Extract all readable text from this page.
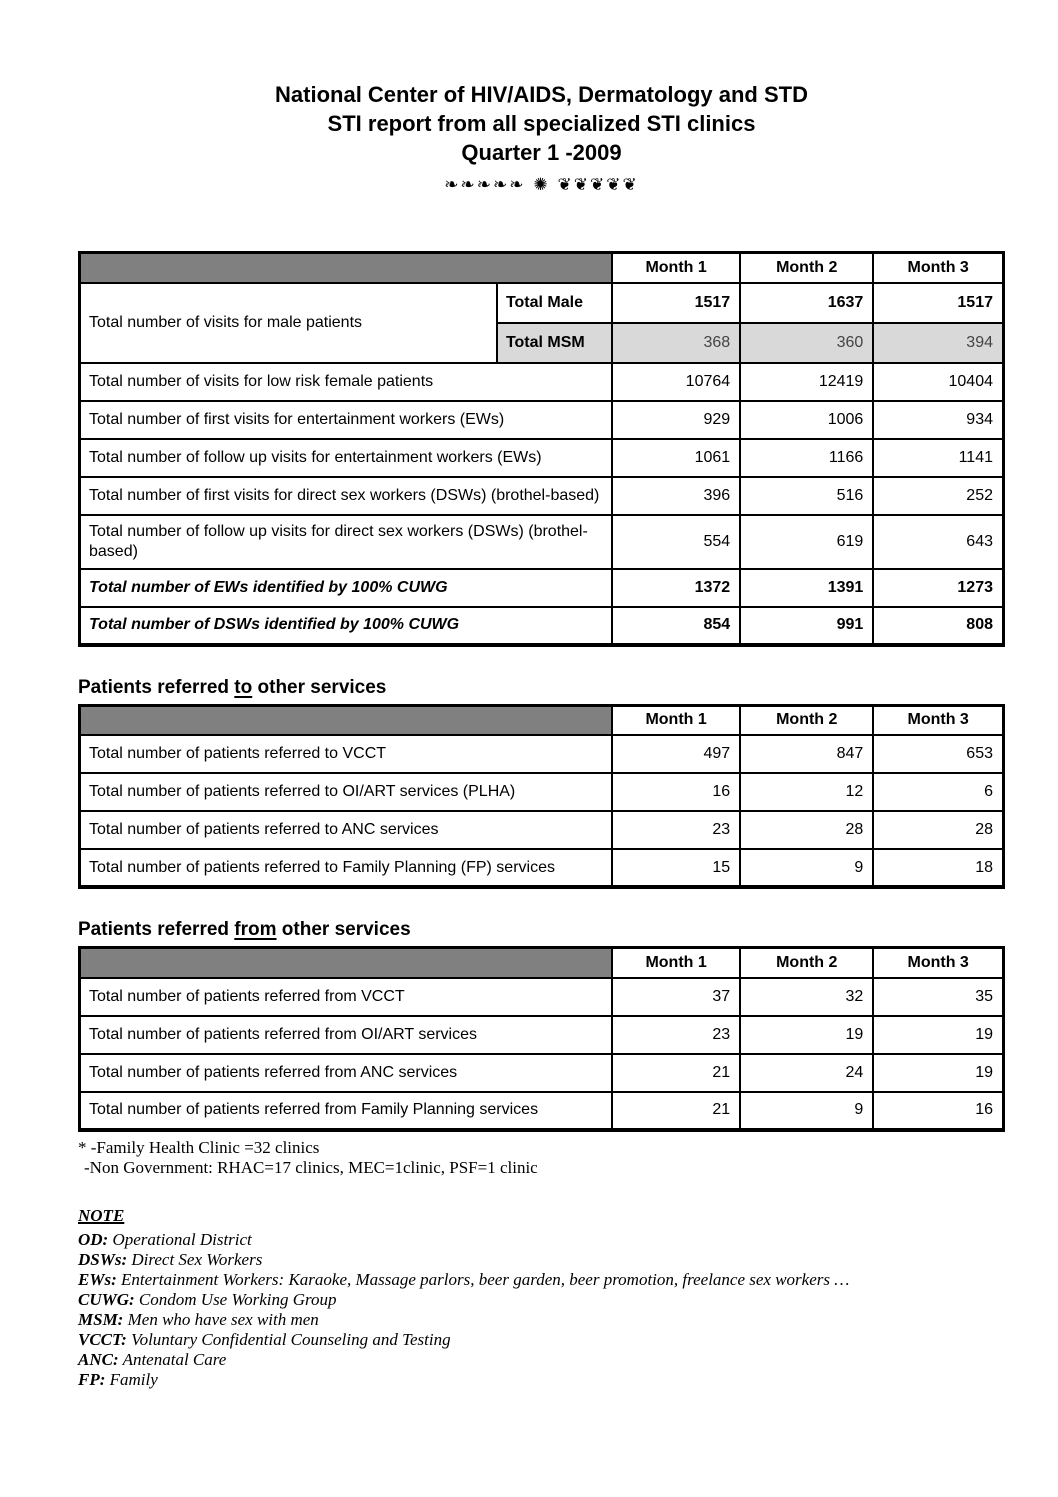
National Center of HIV/AIDS, Dermatology and STD
STI report from all specialized STI clinics
Quarter 1 -2009
❧❧❧❧❧ ✺ ❦❦❦❦❦
		Month 1	Month 2	Month 3
Total number of visits for male patients	Total Male	1517	1637	1517
	Total MSM	368	360	394
Total number of visits for low risk female patients		10764	12419	10404
Total number of first visits for entertainment workers (EWs)		929	1006	934
Total number of follow up visits for entertainment workers (EWs)		1061	1166	1141
Total number of first visits for direct sex workers (DSWs) (brothel-based)		396	516	252
Total number of follow up visits for direct sex workers (DSWs) (brothel-based)		554	619	643
Total number of EWs identified by 100% CUWG		1372	1391	1273
Total number of DSWs identified by 100% CUWG		854	991	808
Patients referred to other services
	Month 1	Month 2	Month 3
Total number of patients referred to VCCT	497	847	653
Total number of patients referred to OI/ART services (PLHA)	16	12	6
Total number of patients referred to ANC services	23	28	28
Total number of patients referred to Family Planning (FP) services	15	9	18
Patients referred from other services
	Month 1	Month 2	Month 3
Total number of patients referred from VCCT	37	32	35
Total number of patients referred from OI/ART services	23	19	19
Total number of patients referred from ANC services	21	24	19
Total number of patients referred from Family Planning services	21	9	16
* -Family Health Clinic =32 clinics
-Non Government: RHAC=17 clinics, MEC=1clinic, PSF=1 clinic
NOTE
OD: Operational District
DSWs: Direct Sex Workers
EWs: Entertainment Workers: Karaoke, Massage parlors, beer garden, beer promotion, freelance sex workers …
CUWG: Condom Use Working Group
MSM: Men who have sex with men
VCCT: Voluntary Confidential Counseling and Testing
ANC: Antenatal Care
FP: Family
